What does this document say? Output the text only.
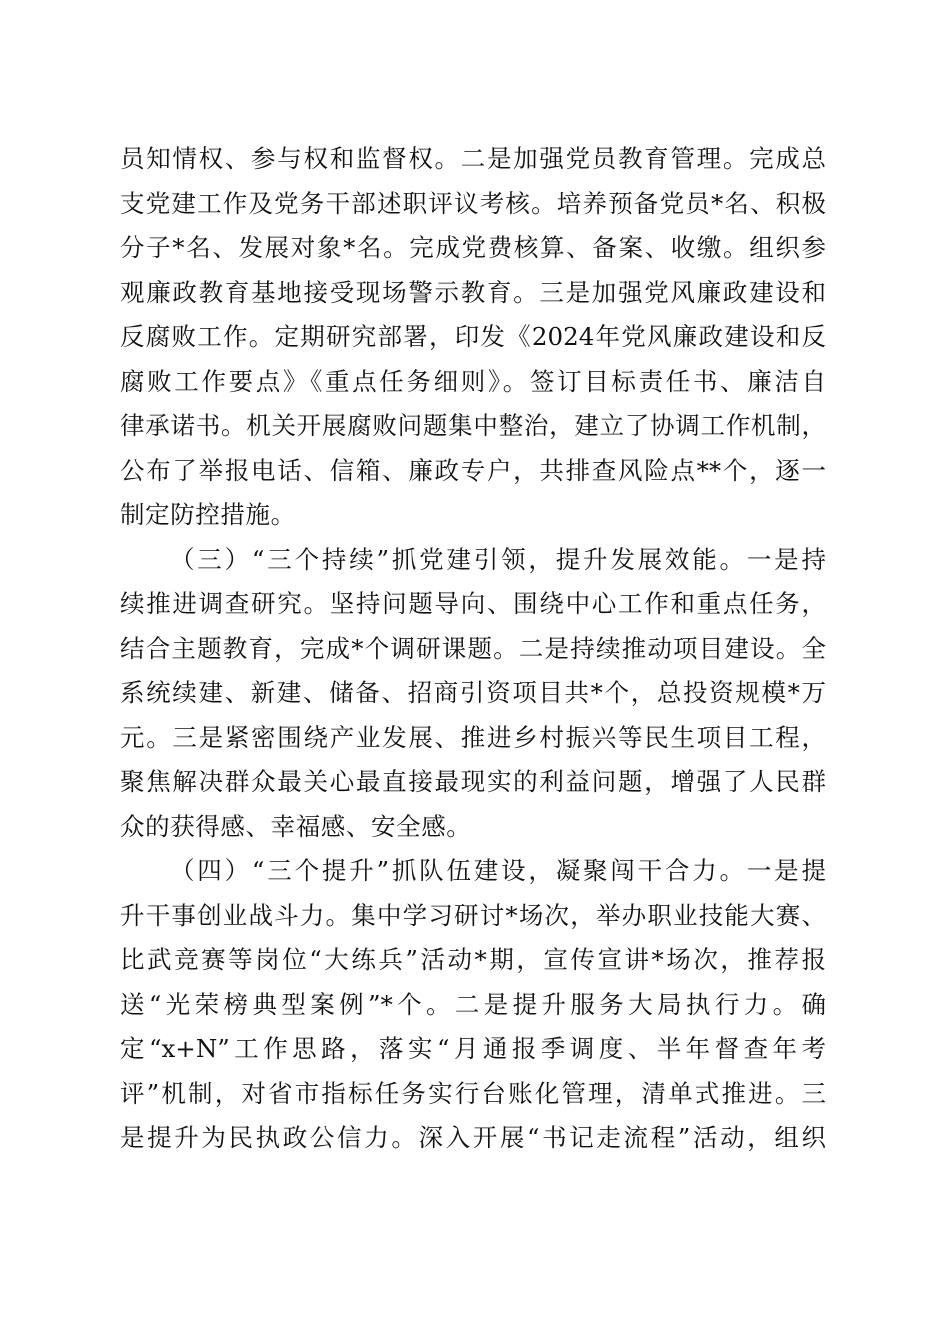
员知情权、参与权和监督权。二是加强党员教育管理。完成总
支党建工作及党务干部述职评议考核。培养预备党员*名、积极
分子*名、发展对象*名。完成党费核算、备案、收缴。组织参
观廉政教育基地接受现场警示教育。三是加强党风廉政建设和
反腐败工作。定期研究部署，印发《2024年党风廉政建设和反
腐败工作要点》《重点任务细则》。签订目标责任书、廉洁自
律承诺书。机关开展腐败问题集中整治，建立了协调工作机制，
公布了举报电话、信箱、廉政专户，共排查风险点**个，逐一
制定防控措施。
（三）“三个持续”抓党建引领，提升发展效能。一是持
续推进调查研究。坚持问题导向、围绕中心工作和重点任务，
结合主题教育，完成*个调研课题。二是持续推动项目建设。全
系统续建、新建、储备、招商引资项目共*个，总投资规模*万
元。三是紧密围绕产业发展、推进乡村振兴等民生项目工程，
聚焦解决群众最关心最直接最现实的利益问题，增强了人民群
众的获得感、幸福感、安全感。
（四）“三个提升”抓队伍建设，凝聚闯干合力。一是提
升干事创业战斗力。集中学习研讨*场次，举办职业技能大赛、
比武竞赛等岗位“大练兵”活动*期，宣传宣讲*场次，推荐报
送“光荣榜典型案例”*个。二是提升服务大局执行力。确
定“x+N”工作思路，落实“月通报季调度、半年督查年考
评”机制，对省市指标任务实行台账化管理，清单式推进。三
是提升为民执政公信力。深入开展“书记走流程”活动，组织
